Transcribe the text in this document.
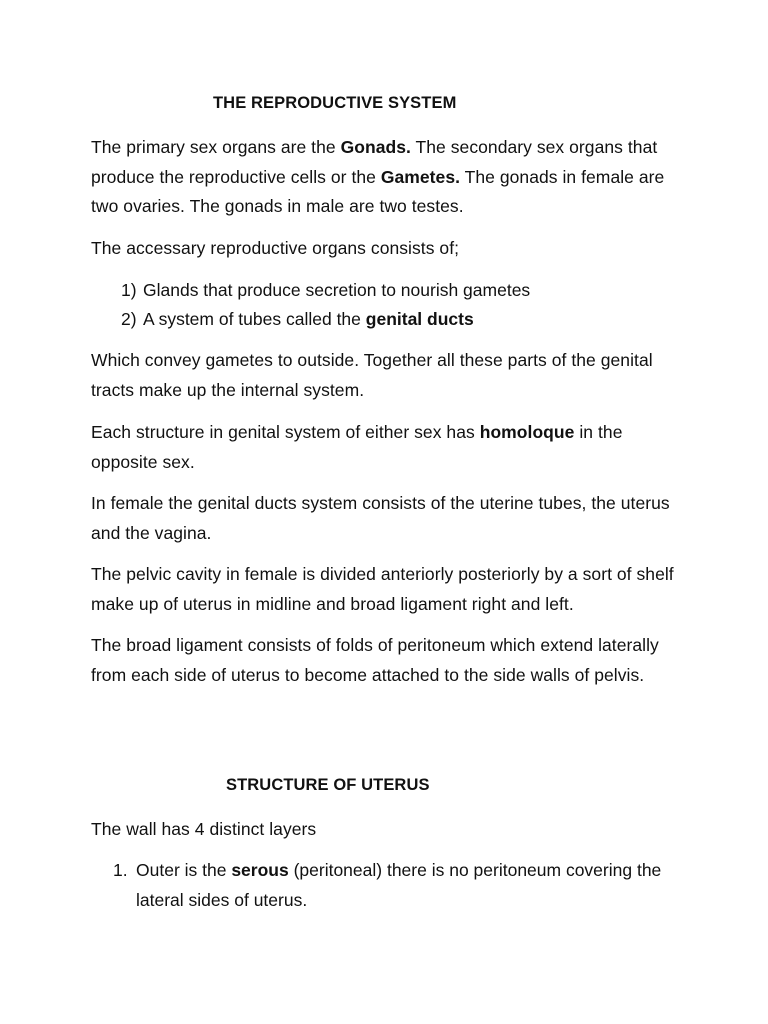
THE REPRODUCTIVE SYSTEM
The primary sex organs are the Gonads. The secondary sex organs that produce the reproductive cells or the Gametes. The gonads in female are two ovaries. The gonads in male are two testes.
The accessary reproductive organs consists of;
1) Glands that produce secretion to nourish gametes
2) A system of tubes called the genital ducts
Which convey gametes to outside. Together all these parts of the genital tracts make up the internal system.
Each structure in genital system of either sex has homoloque in the opposite sex.
In female the genital ducts system consists of the uterine tubes, the uterus and the vagina.
The pelvic cavity in female is divided anteriorly posteriorly by a sort of shelf make up of uterus in midline and broad ligament right and left.
The broad ligament consists of folds of peritoneum which extend laterally from each side of uterus to become attached to the side walls of pelvis.
STRUCTURE OF UTERUS
The wall has 4 distinct layers
1. Outer is the serous (peritoneal) there is no peritoneum covering the lateral sides of uterus.
